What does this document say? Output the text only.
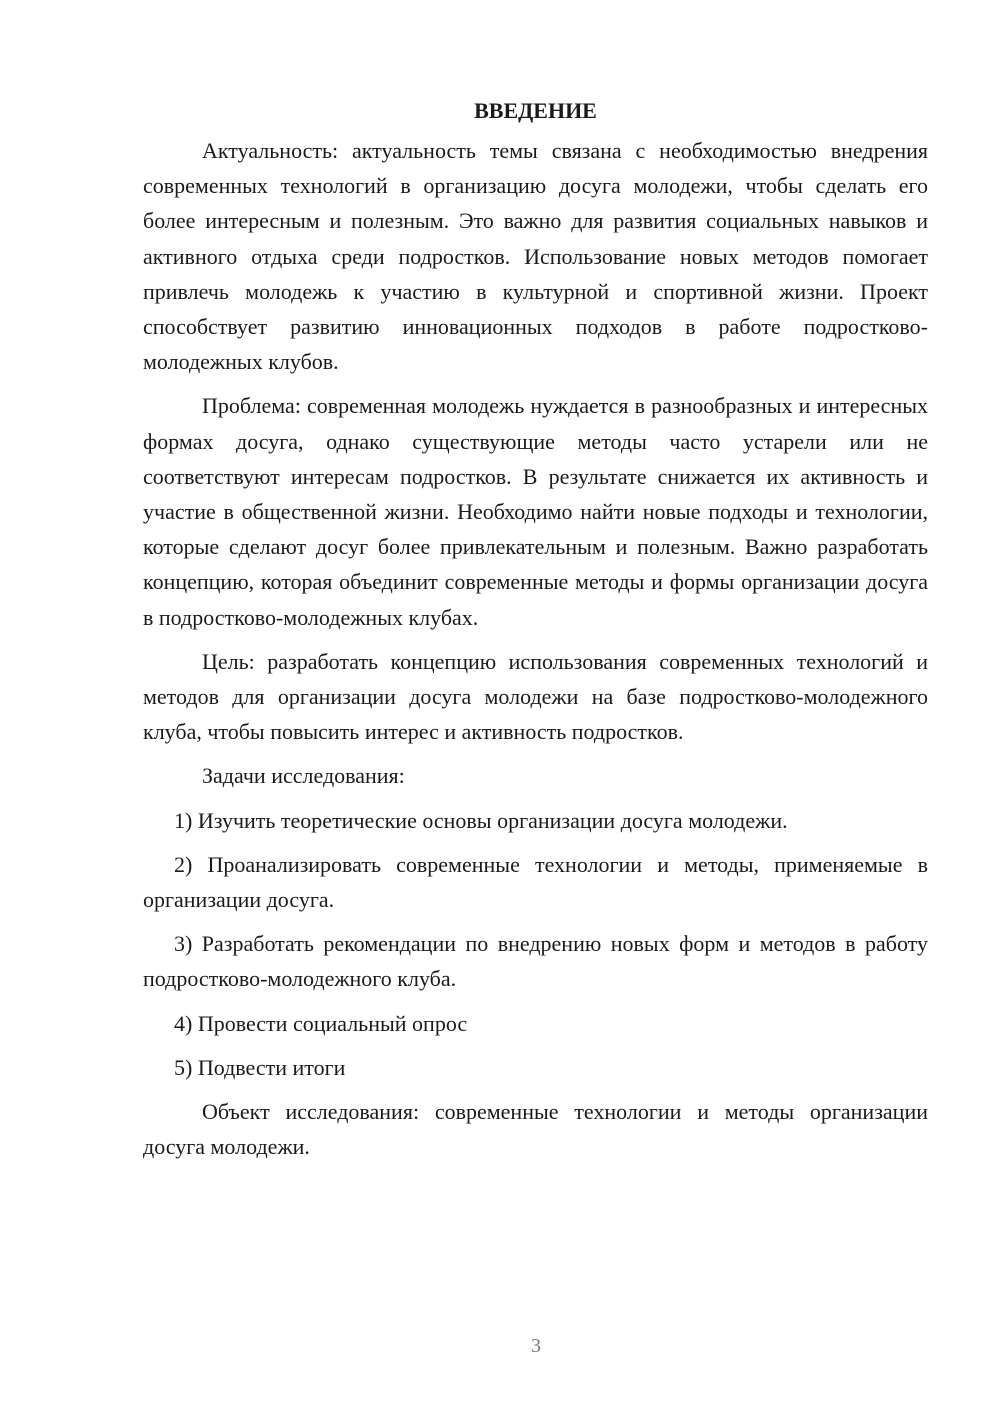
ВВЕДЕНИЕ

Актуальность: актуальность темы связана с необходимостью внедрения современных технологий в организацию досуга молодежи, чтобы сделать его более интересным и полезным. Это важно для развития социальных навыков и активного отдыха среди подростков. Использование новых методов помогает привлечь молодежь к участию в культурной и спортивной жизни. Проект способствует развитию инновационных подходов в работе подростково-молодежных клубов.

Проблема: современная молодежь нуждается в разнообразных и интересных формах досуга, однако существующие методы часто устарели или не соответствуют интересам подростков. В результате снижается их активность и участие в общественной жизни. Необходимо найти новые подходы и технологии, которые сделают досуг более привлекательным и полезным. Важно разработать концепцию, которая объединит современные методы и формы организации досуга в подростково-молодежных клубах.

Цель: разработать концепцию использования современных технологий и методов для организации досуга молодежи на базе подростково-молодежного клуба, чтобы повысить интерес и активность подростков.

Задачи исследования:

1) Изучить теоретические основы организации досуга молодежи.

2) Проанализировать современные технологии и методы, применяемые в организации досуга.

3) Разработать рекомендации по внедрению новых форм и методов в работу подростково-молодежного клуба.

4) Провести социальный опрос

5) Подвести итоги

Объект исследования: современные технологии и методы организации досуга молодежи.

3
